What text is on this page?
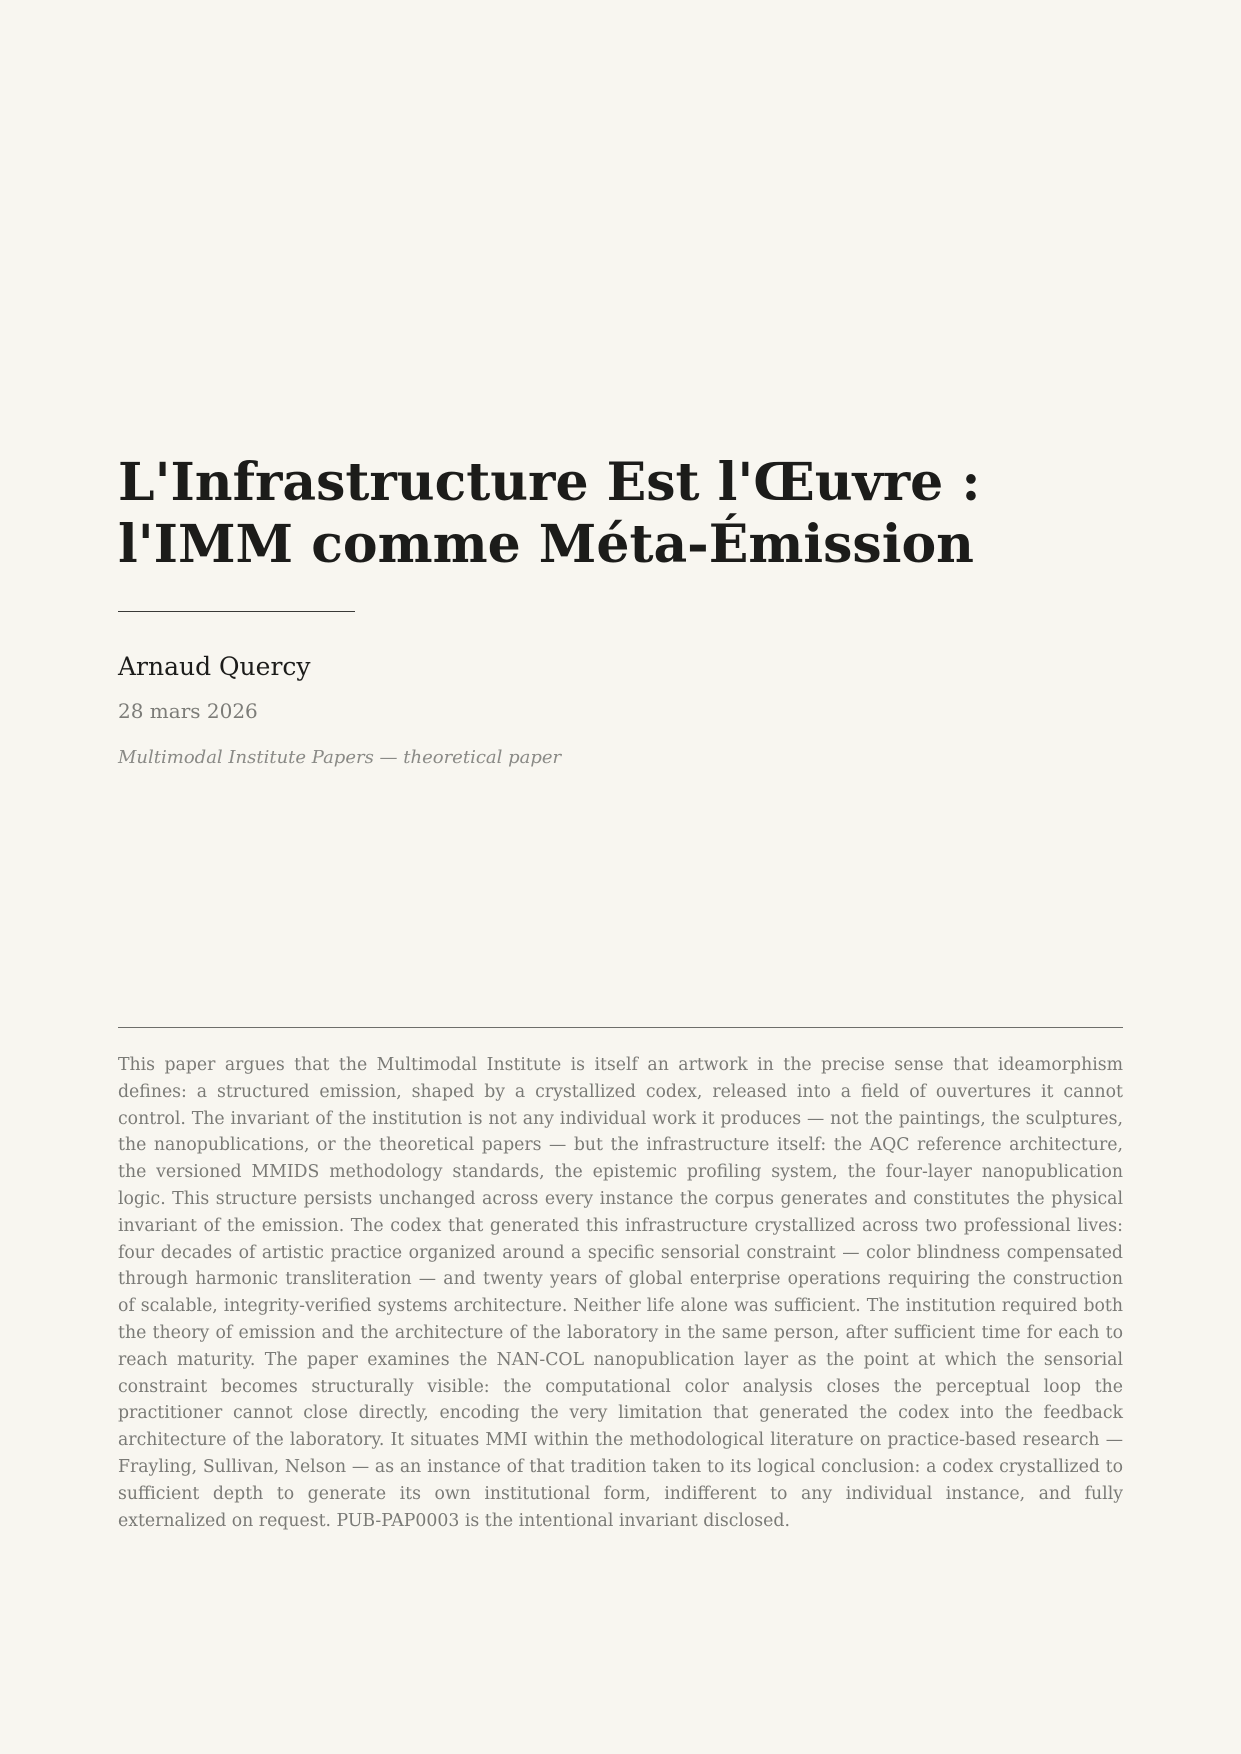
L'Infrastructure Est l'Œuvre :
l'IMM comme Méta-Émission
Arnaud Quercy
28 mars 2026
Multimodal Institute Papers — theoretical paper

This paper argues that the Multimodal Institute is itself an artwork in the precise sense that ideamorphism defines: a structured emission, shaped by a crystallized codex, released into a field of ouvertures it cannot control. The invariant of the institution is not any individual work it produces — not the paintings, the sculptures, the nanopublications, or the theoretical papers — but the infrastructure itself: the AQC reference architecture, the versioned MMIDS methodology standards, the epistemic profiling system, the four-layer nanopublication logic. This structure persists unchanged across every instance the corpus generates and constitutes the physical invariant of the emission. The codex that generated this infrastructure crystallized across two professional lives: four decades of artistic practice organized around a specific sensorial constraint — color blindness compensated through harmonic transliteration — and twenty years of global enterprise operations requiring the construction of scalable, integrity-verified systems architecture. Neither life alone was sufficient. The institution required both the theory of emission and the architecture of the laboratory in the same person, after sufficient time for each to reach maturity. The paper examines the NAN-COL nanopublication layer as the point at which the sensorial constraint becomes structurally visible: the computational color analysis closes the perceptual loop the practitioner cannot close directly, encoding the very limitation that generated the codex into the feedback architecture of the laboratory. It situates MMI within the methodological literature on practice-based research — Frayling, Sullivan, Nelson — as an instance of that tradition taken to its logical conclusion: a codex crystallized to sufficient depth to generate its own institutional form, indifferent to any individual instance, and fully externalized on request. PUB-PAP0003 is the intentional invariant disclosed.
